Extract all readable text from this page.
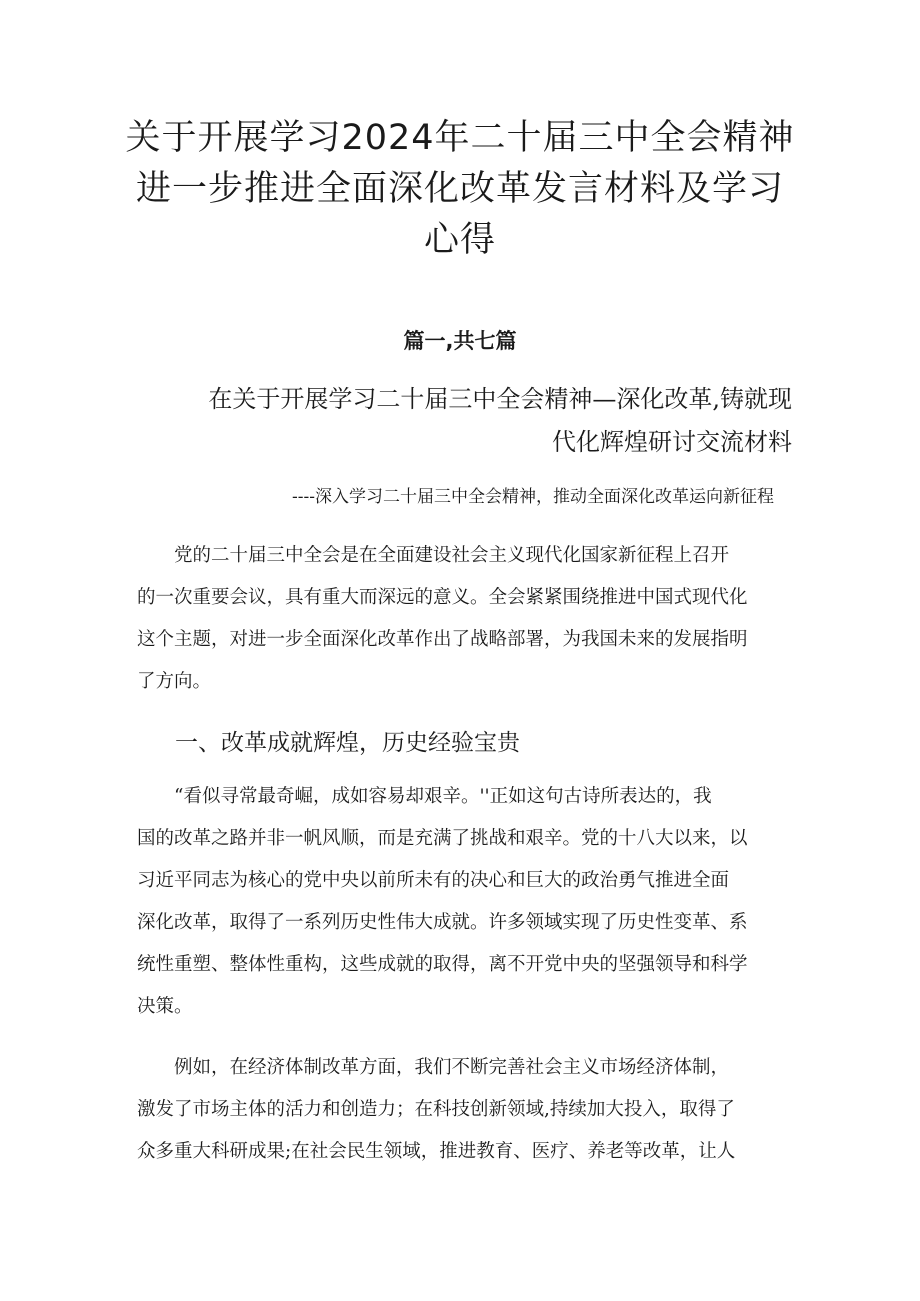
关于开展学习2024年二十届三中全会精神
进一步推进全面深化改革发言材料及学习
心得

篇一,共七篇

在关于开展学习二十届三中全会精神—深化改革,铸就现
代化辉煌研讨交流材料

----深入学习二十届三中全会精神，推动全面深化改革运向新征程

党的二十届三中全会是在全面建设社会主义现代化国家新征程上召开
的一次重要会议，具有重大而深远的意义。全会紧紧围绕推进中国式现代化
这个主题，对进一步全面深化改革作出了战略部署，为我国未来的发展指明
了方向。

一、改革成就辉煌，历史经验宝贵

“看似寻常最奇崛，成如容易却艰辛。''正如这句古诗所表达的，我
国的改革之路并非一帆风顺，而是充满了挑战和艰辛。党的十八大以来，以
习近平同志为核心的党中央以前所未有的决心和巨大的政治勇气推进全面
深化改革，取得了一系列历史性伟大成就。许多领域实现了历史性变革、系
统性重塑、整体性重构，这些成就的取得，离不开党中央的坚强领导和科学
决策。

例如，在经济体制改革方面，我们不断完善社会主义市场经济体制，
激发了市场主体的活力和创造力；在科技创新领域,持续加大投入，取得了
众多重大科研成果;在社会民生领域，推进教育、医疗、养老等改革，让人
